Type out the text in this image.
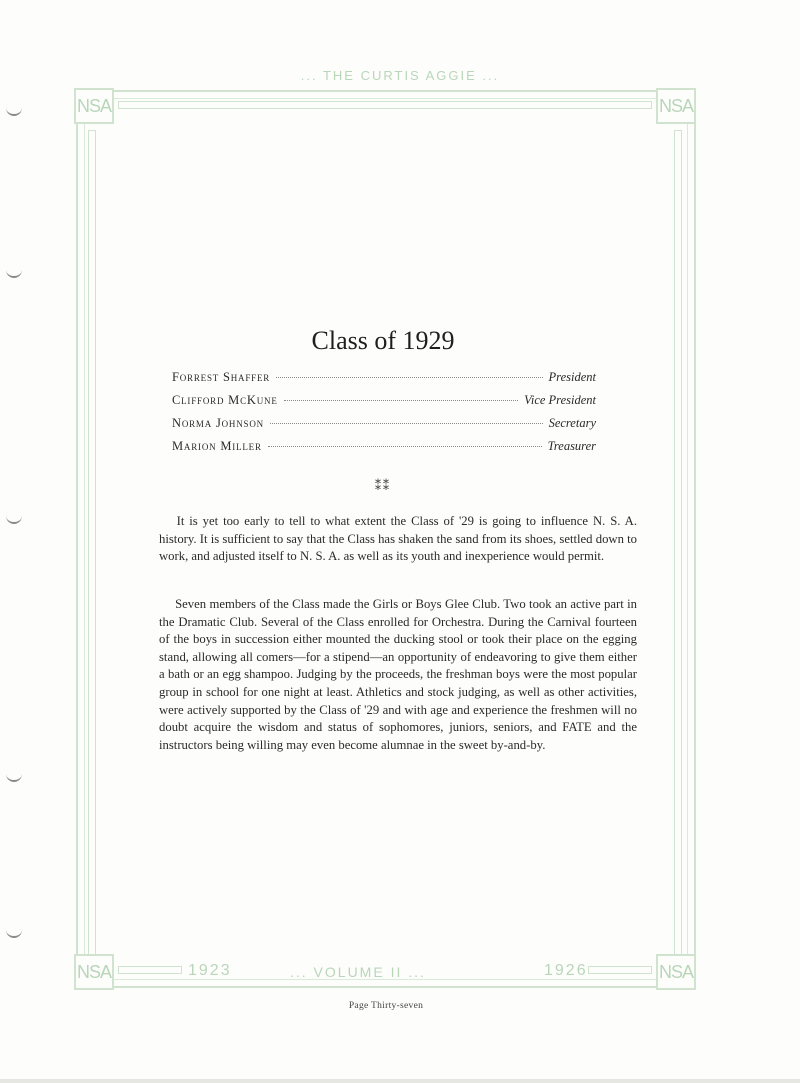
... THE CURTIS AGGIE ...
NSA	NSA
NSA	NSA
1923	... VOLUME II ...	1926
Class of 1929
Forrest Shaffer	President
Clifford McKune	Vice President
Norma Johnson	Secretary
Marion Miller	Treasurer
⁑⁑

  It is yet too early to tell to what extent the Class of '29 is going to influence N. S. A. history. It is sufficient to say that the Class has shaken the sand from its shoes, settled down to work, and adjusted itself to N. S. A. as well as its youth and inexperience would permit.

  Seven members of the Class made the Girls or Boys Glee Club. Two took an active part in the Dramatic Club. Several of the Class enrolled for Orchestra. During the Carnival fourteen of the boys in succession either mounted the ducking stool or took their place on the egging stand, allowing all comers—for a stipend—an opportunity of endeavoring to give them either a bath or an egg shampoo. Judging by the proceeds, the freshman boys were the most popular group in school for one night at least. Athletics and stock judging, as well as other activities, were actively supported by the Class of '29 and with age and experience the freshmen will no doubt acquire the wisdom and status of sophomores, juniors, seniors, and FATE and the instructors being willing may even become alumnae in the sweet by-and-by.

Page Thirty-seven
